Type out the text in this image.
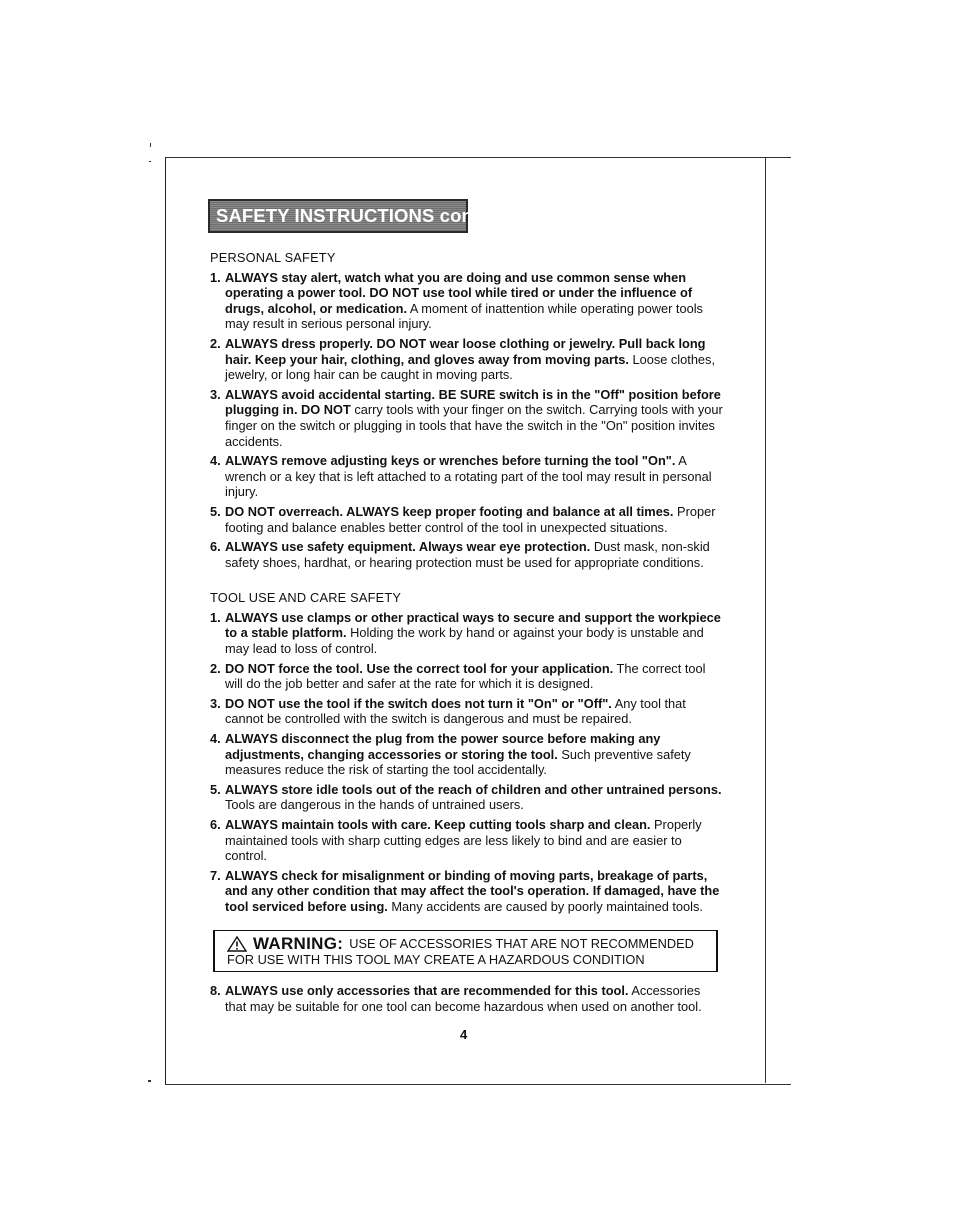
SAFETY INSTRUCTIONS cont.
PERSONAL SAFETY
1. ALWAYS stay alert, watch what you are doing and use common sense when operating a power tool. DO NOT use tool while tired or under the influence of drugs, alcohol, or medication. A moment of inattention while operating power tools may result in serious personal injury.
2. ALWAYS dress properly. DO NOT wear loose clothing or jewelry. Pull back long hair. Keep your hair, clothing, and gloves away from moving parts. Loose clothes, jewelry, or long hair can be caught in moving parts.
3. ALWAYS avoid accidental starting. BE SURE switch is in the "Off" position before plugging in. DO NOT carry tools with your finger on the switch. Carrying tools with your finger on the switch or plugging in tools that have the switch in the "On" position invites accidents.
4. ALWAYS remove adjusting keys or wrenches before turning the tool "On". A wrench or a key that is left attached to a rotating part of the tool may result in personal injury.
5. DO NOT overreach. ALWAYS keep proper footing and balance at all times. Proper footing and balance enables better control of the tool in unexpected situations.
6. ALWAYS use safety equipment. Always wear eye protection. Dust mask, non-skid safety shoes, hardhat, or hearing protection must be used for appropriate conditions.
TOOL USE AND CARE SAFETY
1. ALWAYS use clamps or other practical ways to secure and support the workpiece to a stable platform. Holding the work by hand or against your body is unstable and may lead to loss of control.
2. DO NOT force the tool. Use the correct tool for your application. The correct tool will do the job better and safer at the rate for which it is designed.
3. DO NOT use the tool if the switch does not turn it "On" or "Off". Any tool that cannot be controlled with the switch is dangerous and must be repaired.
4. ALWAYS disconnect the plug from the power source before making any adjustments, changing accessories or storing the tool. Such preventive safety measures reduce the risk of starting the tool accidentally.
5. ALWAYS store idle tools out of the reach of children and other untrained persons. Tools are dangerous in the hands of untrained users.
6. ALWAYS maintain tools with care. Keep cutting tools sharp and clean. Properly maintained tools with sharp cutting edges are less likely to bind and are easier to control.
7. ALWAYS check for misalignment or binding of moving parts, breakage of parts, and any other condition that may affect the tool's operation. If damaged, have the tool serviced before using. Many accidents are caused by poorly maintained tools.
WARNING: USE OF ACCESSORIES THAT ARE NOT RECOMMENDED
FOR USE WITH THIS TOOL MAY CREATE A HAZARDOUS CONDITION
8. ALWAYS use only accessories that are recommended for this tool. Accessories that may be suitable for one tool can become hazardous when used on another tool.
4
